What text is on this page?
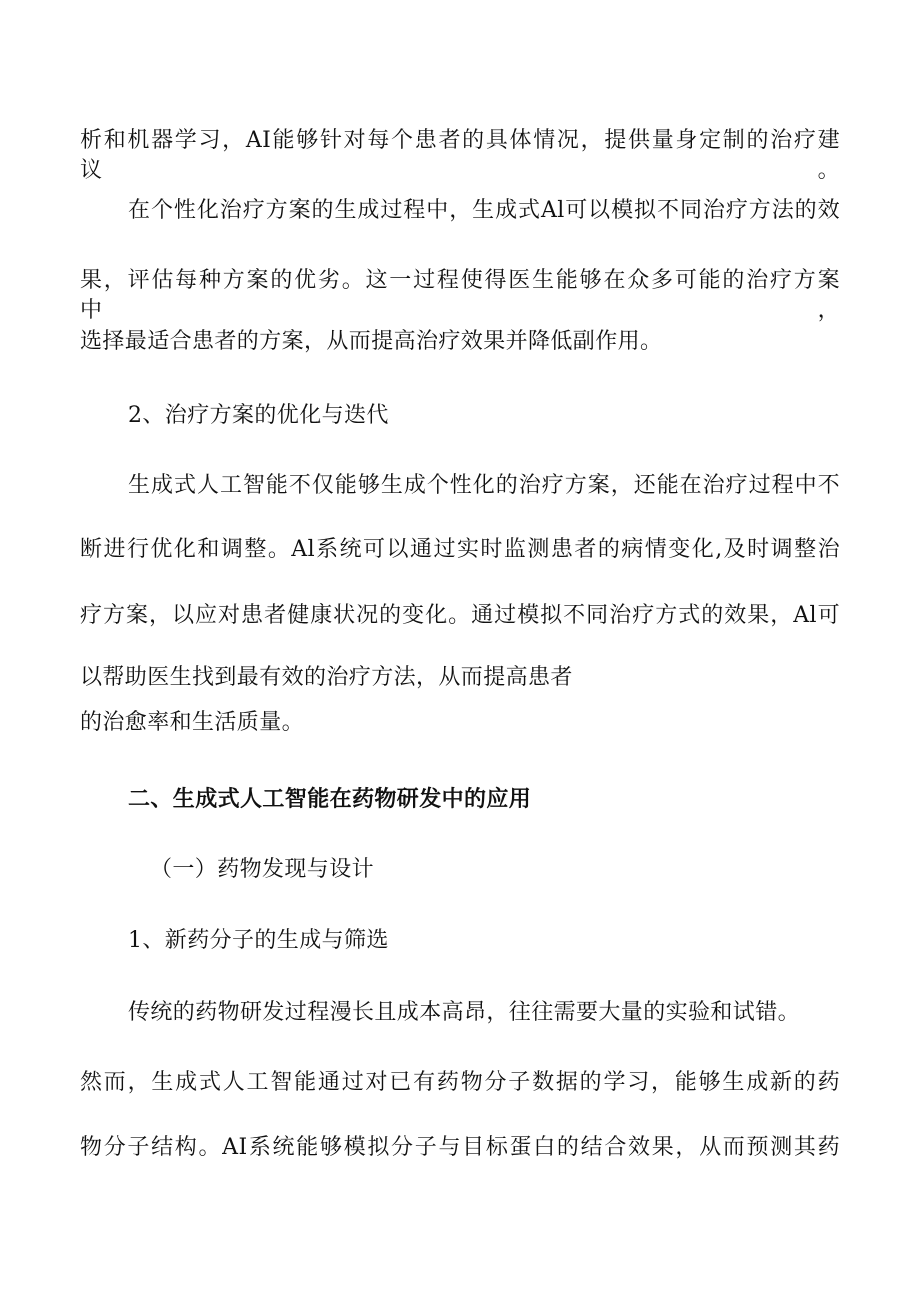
析和机器学习，AI能够针对每个患者的具体情况，提供量身定制的治疗建议。
在个性化治疗方案的生成过程中，生成式Al可以模拟不同治疗方法的效
果，评估每种方案的优劣。这一过程使得医生能够在众多可能的治疗方案中，
选择最适合患者的方案，从而提高治疗效果并降低副作用。
2、治疗方案的优化与迭代
生成式人工智能不仅能够生成个性化的治疗方案，还能在治疗过程中不
断进行优化和调整。Al系统可以通过实时监测患者的病情变化,及时调整治
疗方案，以应对患者健康状况的变化。通过模拟不同治疗方式的效果，Al可
以帮助医生找到最有效的治疗方法，从而提高患者
的治愈率和生活质量。
二、生成式人工智能在药物研发中的应用
（一）药物发现与设计
1、新药分子的生成与筛选
传统的药物研发过程漫长且成本高昂，往往需要大量的实验和试错。
然而，生成式人工智能通过对已有药物分子数据的学习，能够生成新的药
物分子结构。AI系统能够模拟分子与目标蛋白的结合效果，从而预测其药
